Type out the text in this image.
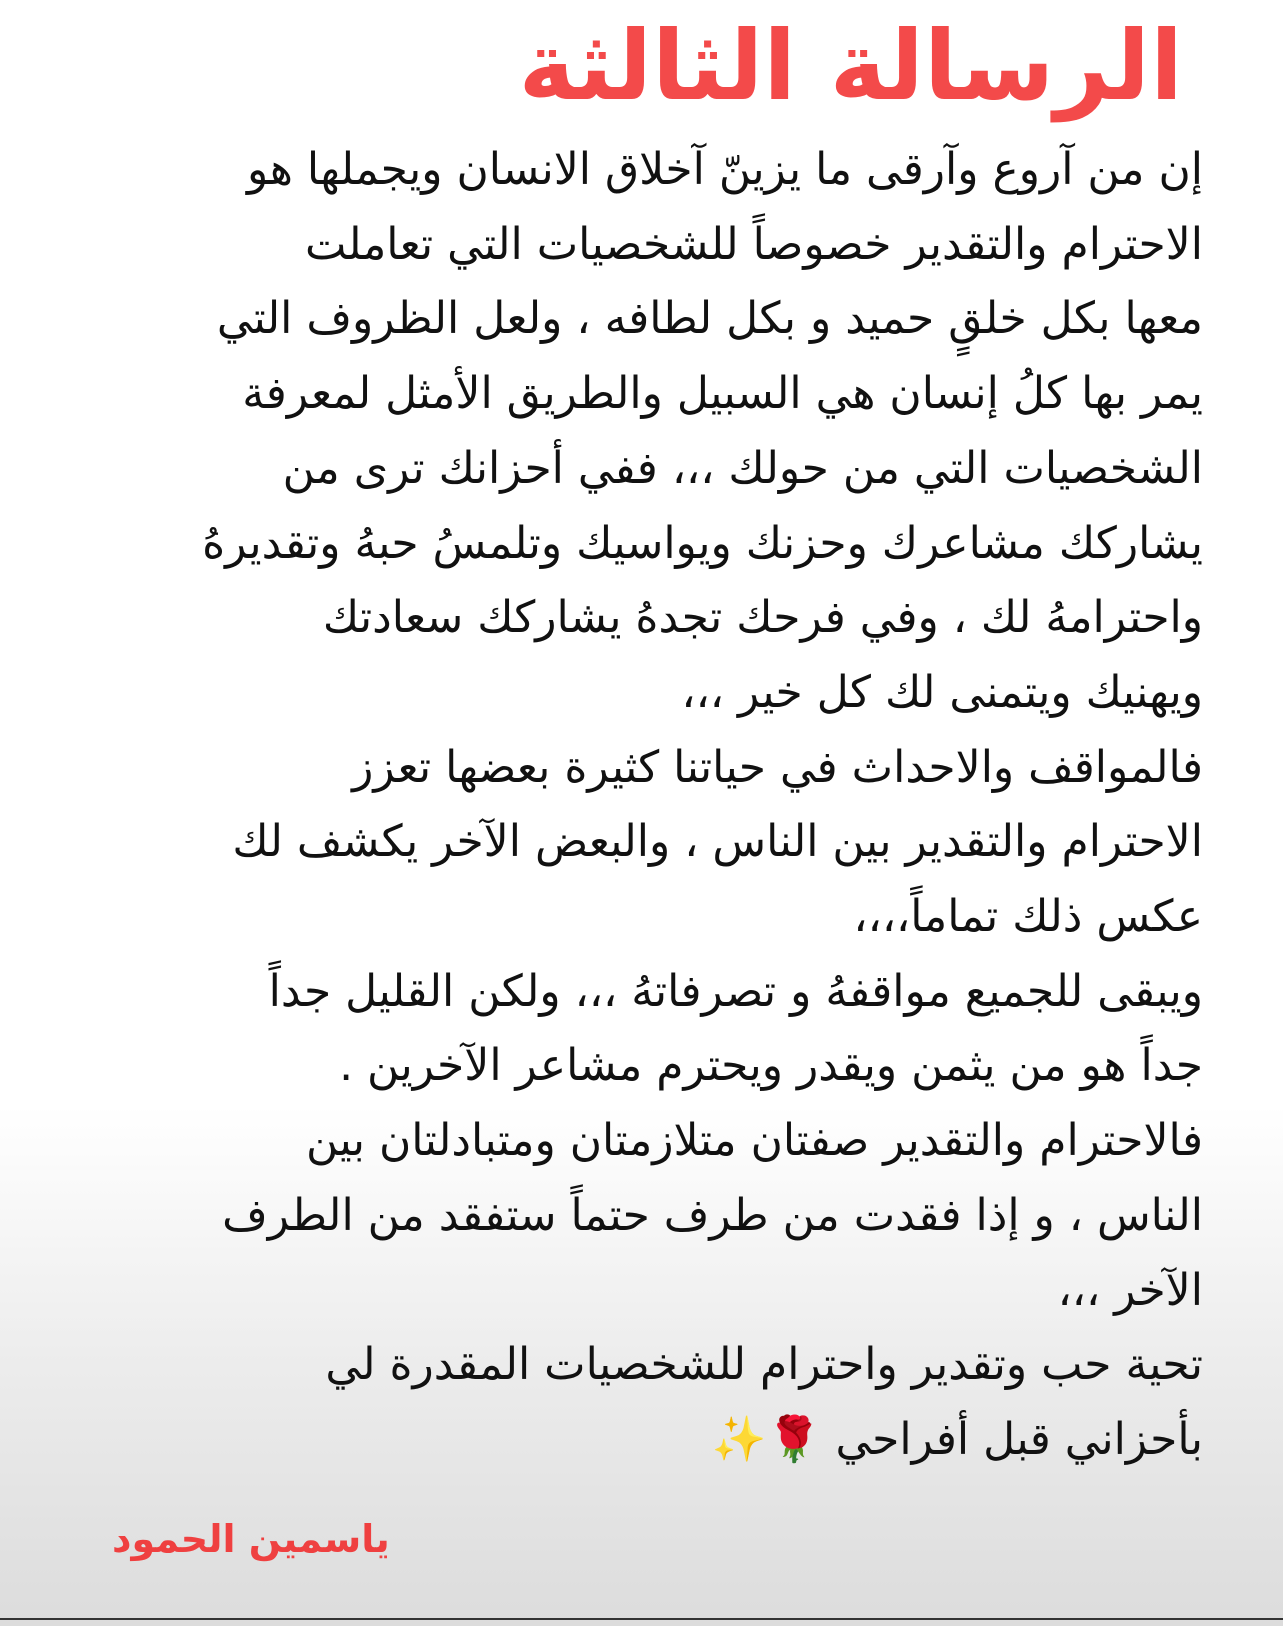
الرسالة الثالثة
إن من آروع وآرقى ما يزينّ آخلاق الانسان ويجملها هو
الاحترام والتقدير خصوصاً للشخصيات التي تعاملت
معها بكل خلقٍ حميد و بكل لطافه ، ولعل الظروف التي
يمر بها كلُ إنسان هي السبيل والطريق الأمثل لمعرفة
الشخصيات التي من حولك ،،، ففي أحزانك ترى من
يشاركك مشاعرك وحزنك ويواسيك وتلمسُ حبهُ وتقديرهُ
واحترامهُ لك ، وفي فرحك تجدهُ يشاركك سعادتك
ويهنيك ويتمنى لك كل خير ،،،
فالمواقف والاحداث في حياتنا كثيرة بعضها تعزز
الاحترام والتقدير بين الناس ، والبعض الآخر يكشف لك
عكس ذلك تماماً،،،،
ويبقى للجميع مواقفهُ و تصرفاتهُ ،،، ولكن القليل جداً
جداً هو من يثمن ويقدر ويحترم مشاعر الآخرين .
فالاحترام والتقدير صفتان متلازمتان ومتبادلتان بين
الناس ، و إذا فقدت من طرف حتماً ستفقد من الطرف
الآخر ،،،
تحية حب وتقدير واحترام للشخصيات المقدرة لي
بأحزاني قبل أفراحي 🌹✨
ياسمين الحمود
